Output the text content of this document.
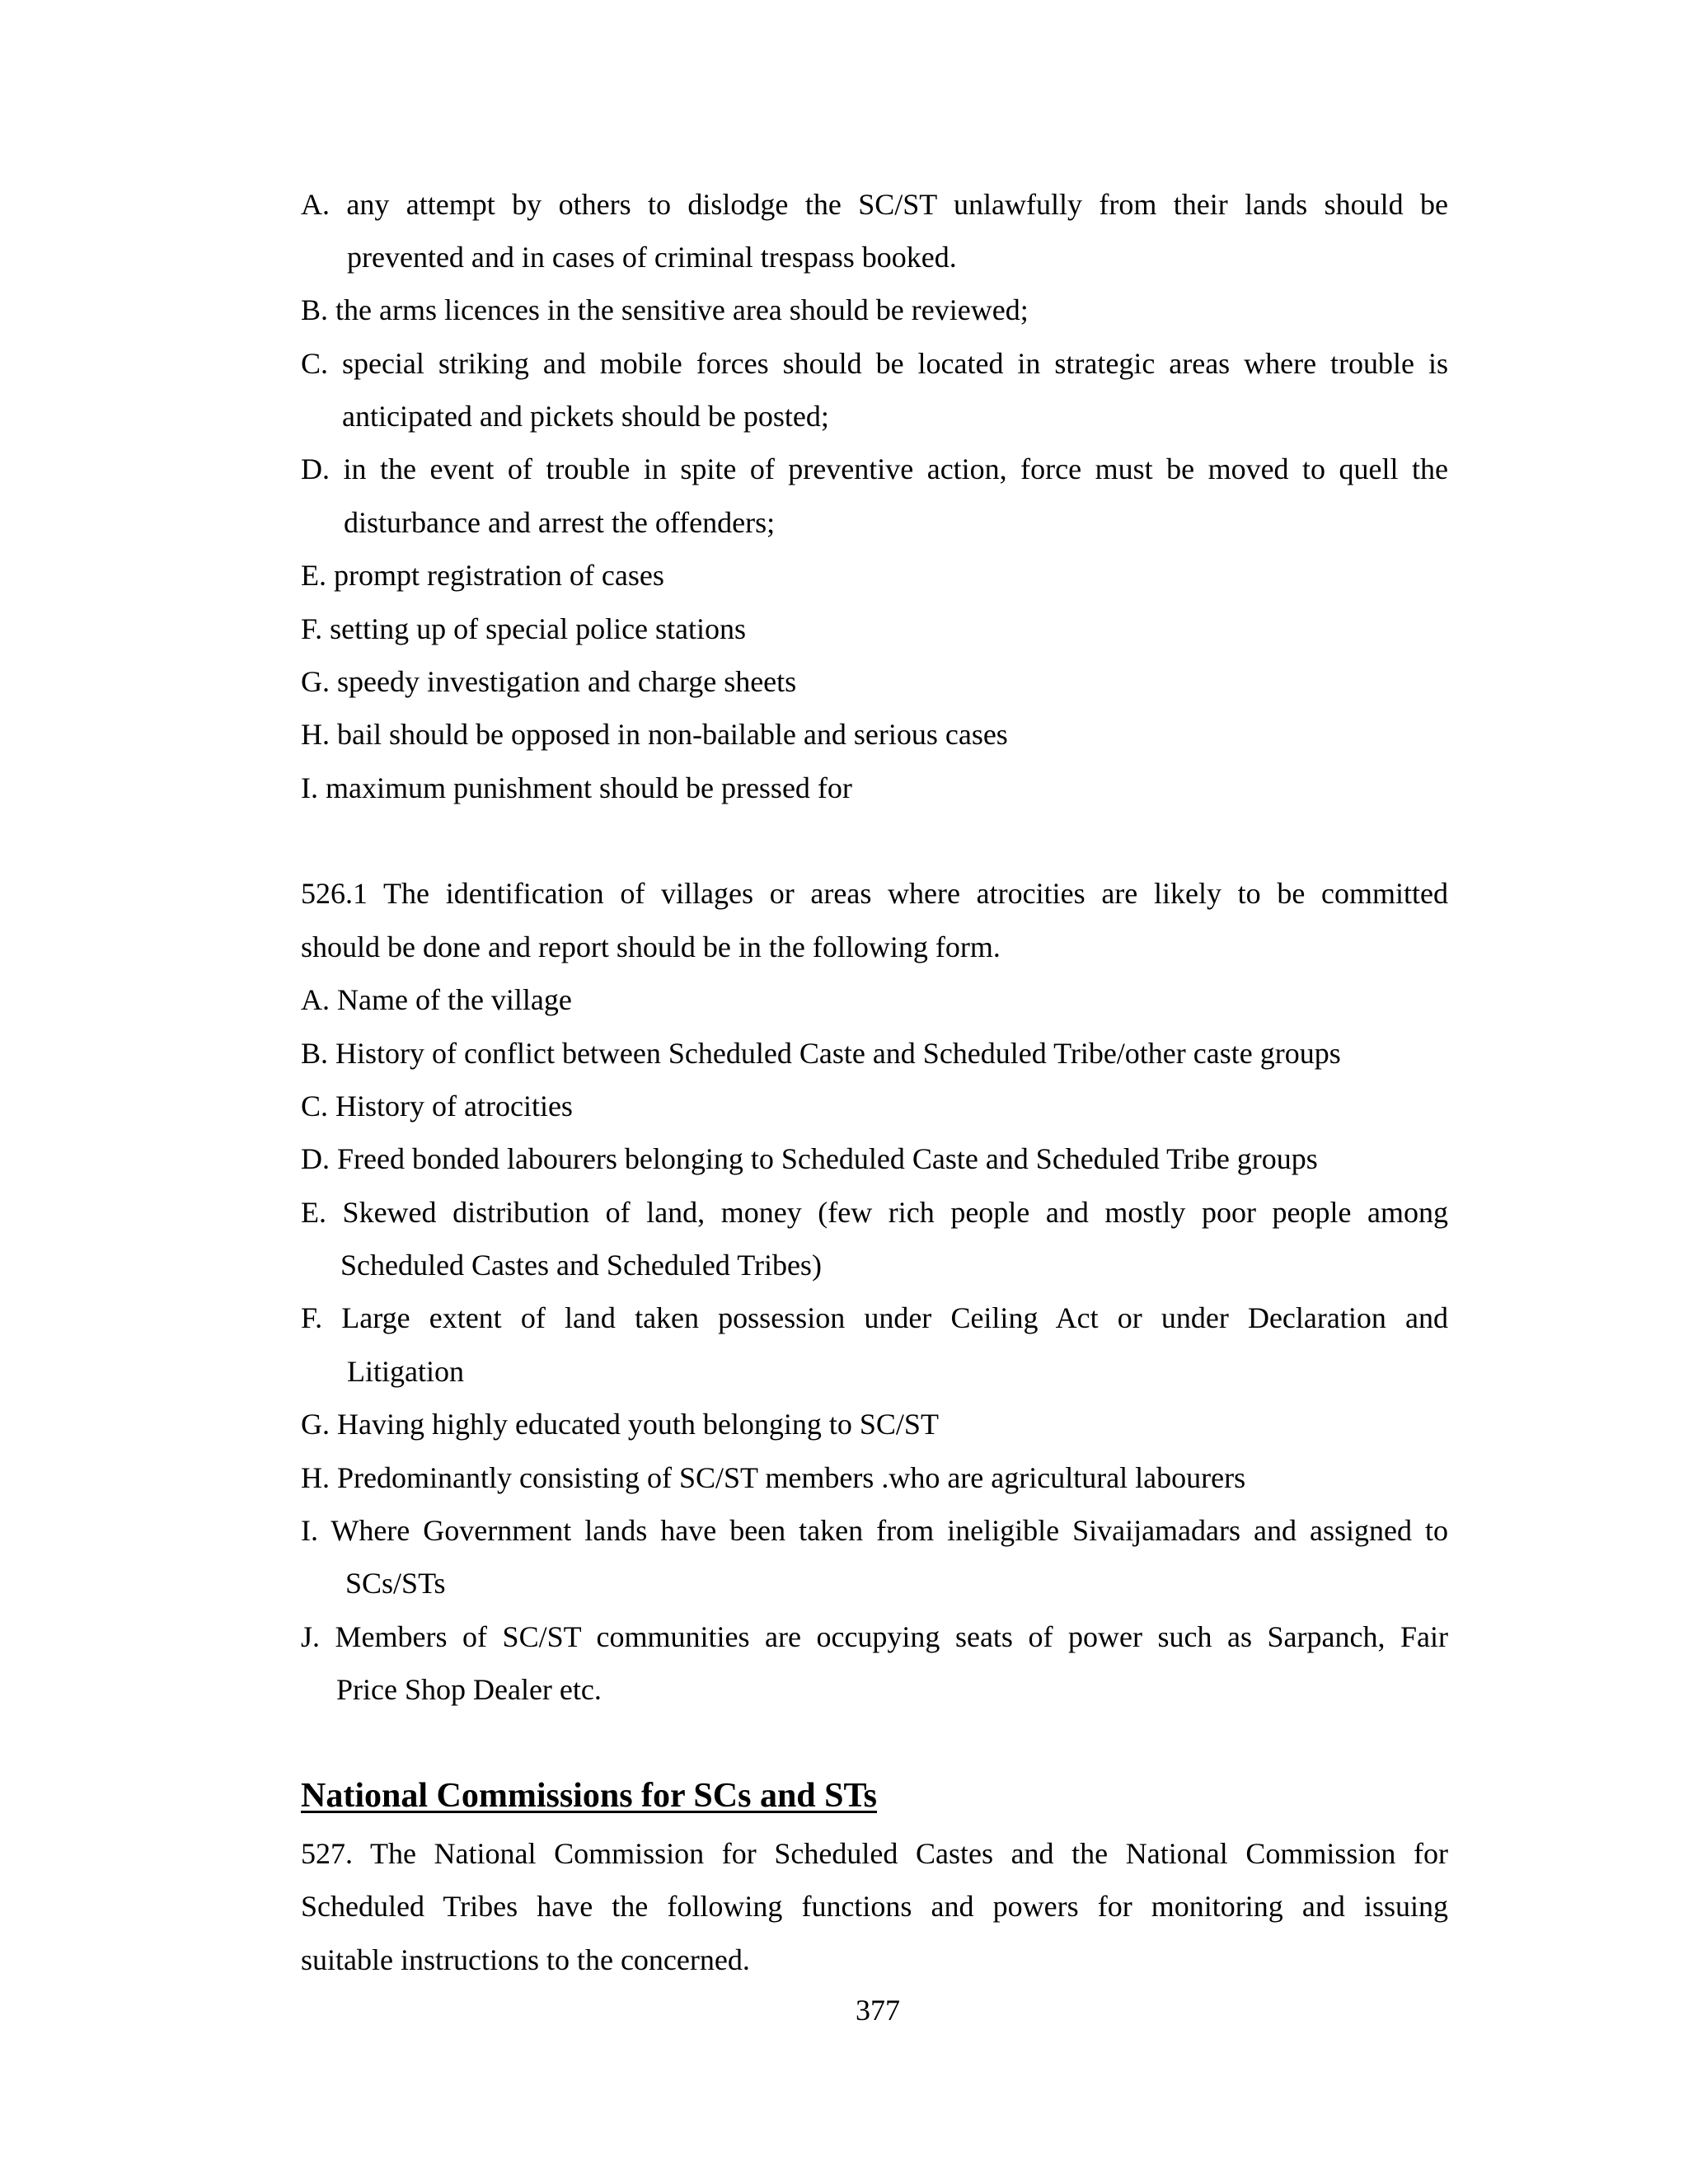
A. any attempt by others to dislodge the SC/ST unlawfully from their lands should be
prevented and in cases of criminal trespass booked.
B. the arms licences in the sensitive area should be reviewed;
C. special striking and mobile forces should be located in strategic areas where trouble is
anticipated and pickets should be posted;
D. in the event of trouble in spite of preventive action, force must be moved to quell the
disturbance and arrest the offenders;
E. prompt registration of cases
F. setting up of special police stations
G. speedy investigation and charge sheets
H. bail should be opposed in non-bailable and serious cases
I. maximum punishment should be pressed for
526.1 The identification of villages or areas where atrocities are likely to be committed
should be done and report should be in the following form.
A. Name of the village
B. History of conflict between Scheduled Caste and Scheduled Tribe/other caste groups
C. History of atrocities
D. Freed bonded labourers belonging to Scheduled Caste and Scheduled Tribe groups
E. Skewed distribution of land, money (few rich people and mostly poor people among
Scheduled Castes and Scheduled Tribes)
F. Large extent of land taken possession under Ceiling Act or under Declaration and
Litigation
G. Having highly educated youth belonging to SC/ST
H. Predominantly consisting of SC/ST members .who are agricultural labourers
I. Where Government lands have been taken from ineligible Sivaijamadars and assigned to
SCs/STs
J. Members of SC/ST communities are occupying seats of power such as Sarpanch, Fair
Price Shop Dealer etc.
National Commissions for SCs and STs
527. The National Commission for Scheduled Castes and the National Commission for
Scheduled Tribes have the following functions and powers for monitoring and issuing
suitable instructions to the concerned.
377
